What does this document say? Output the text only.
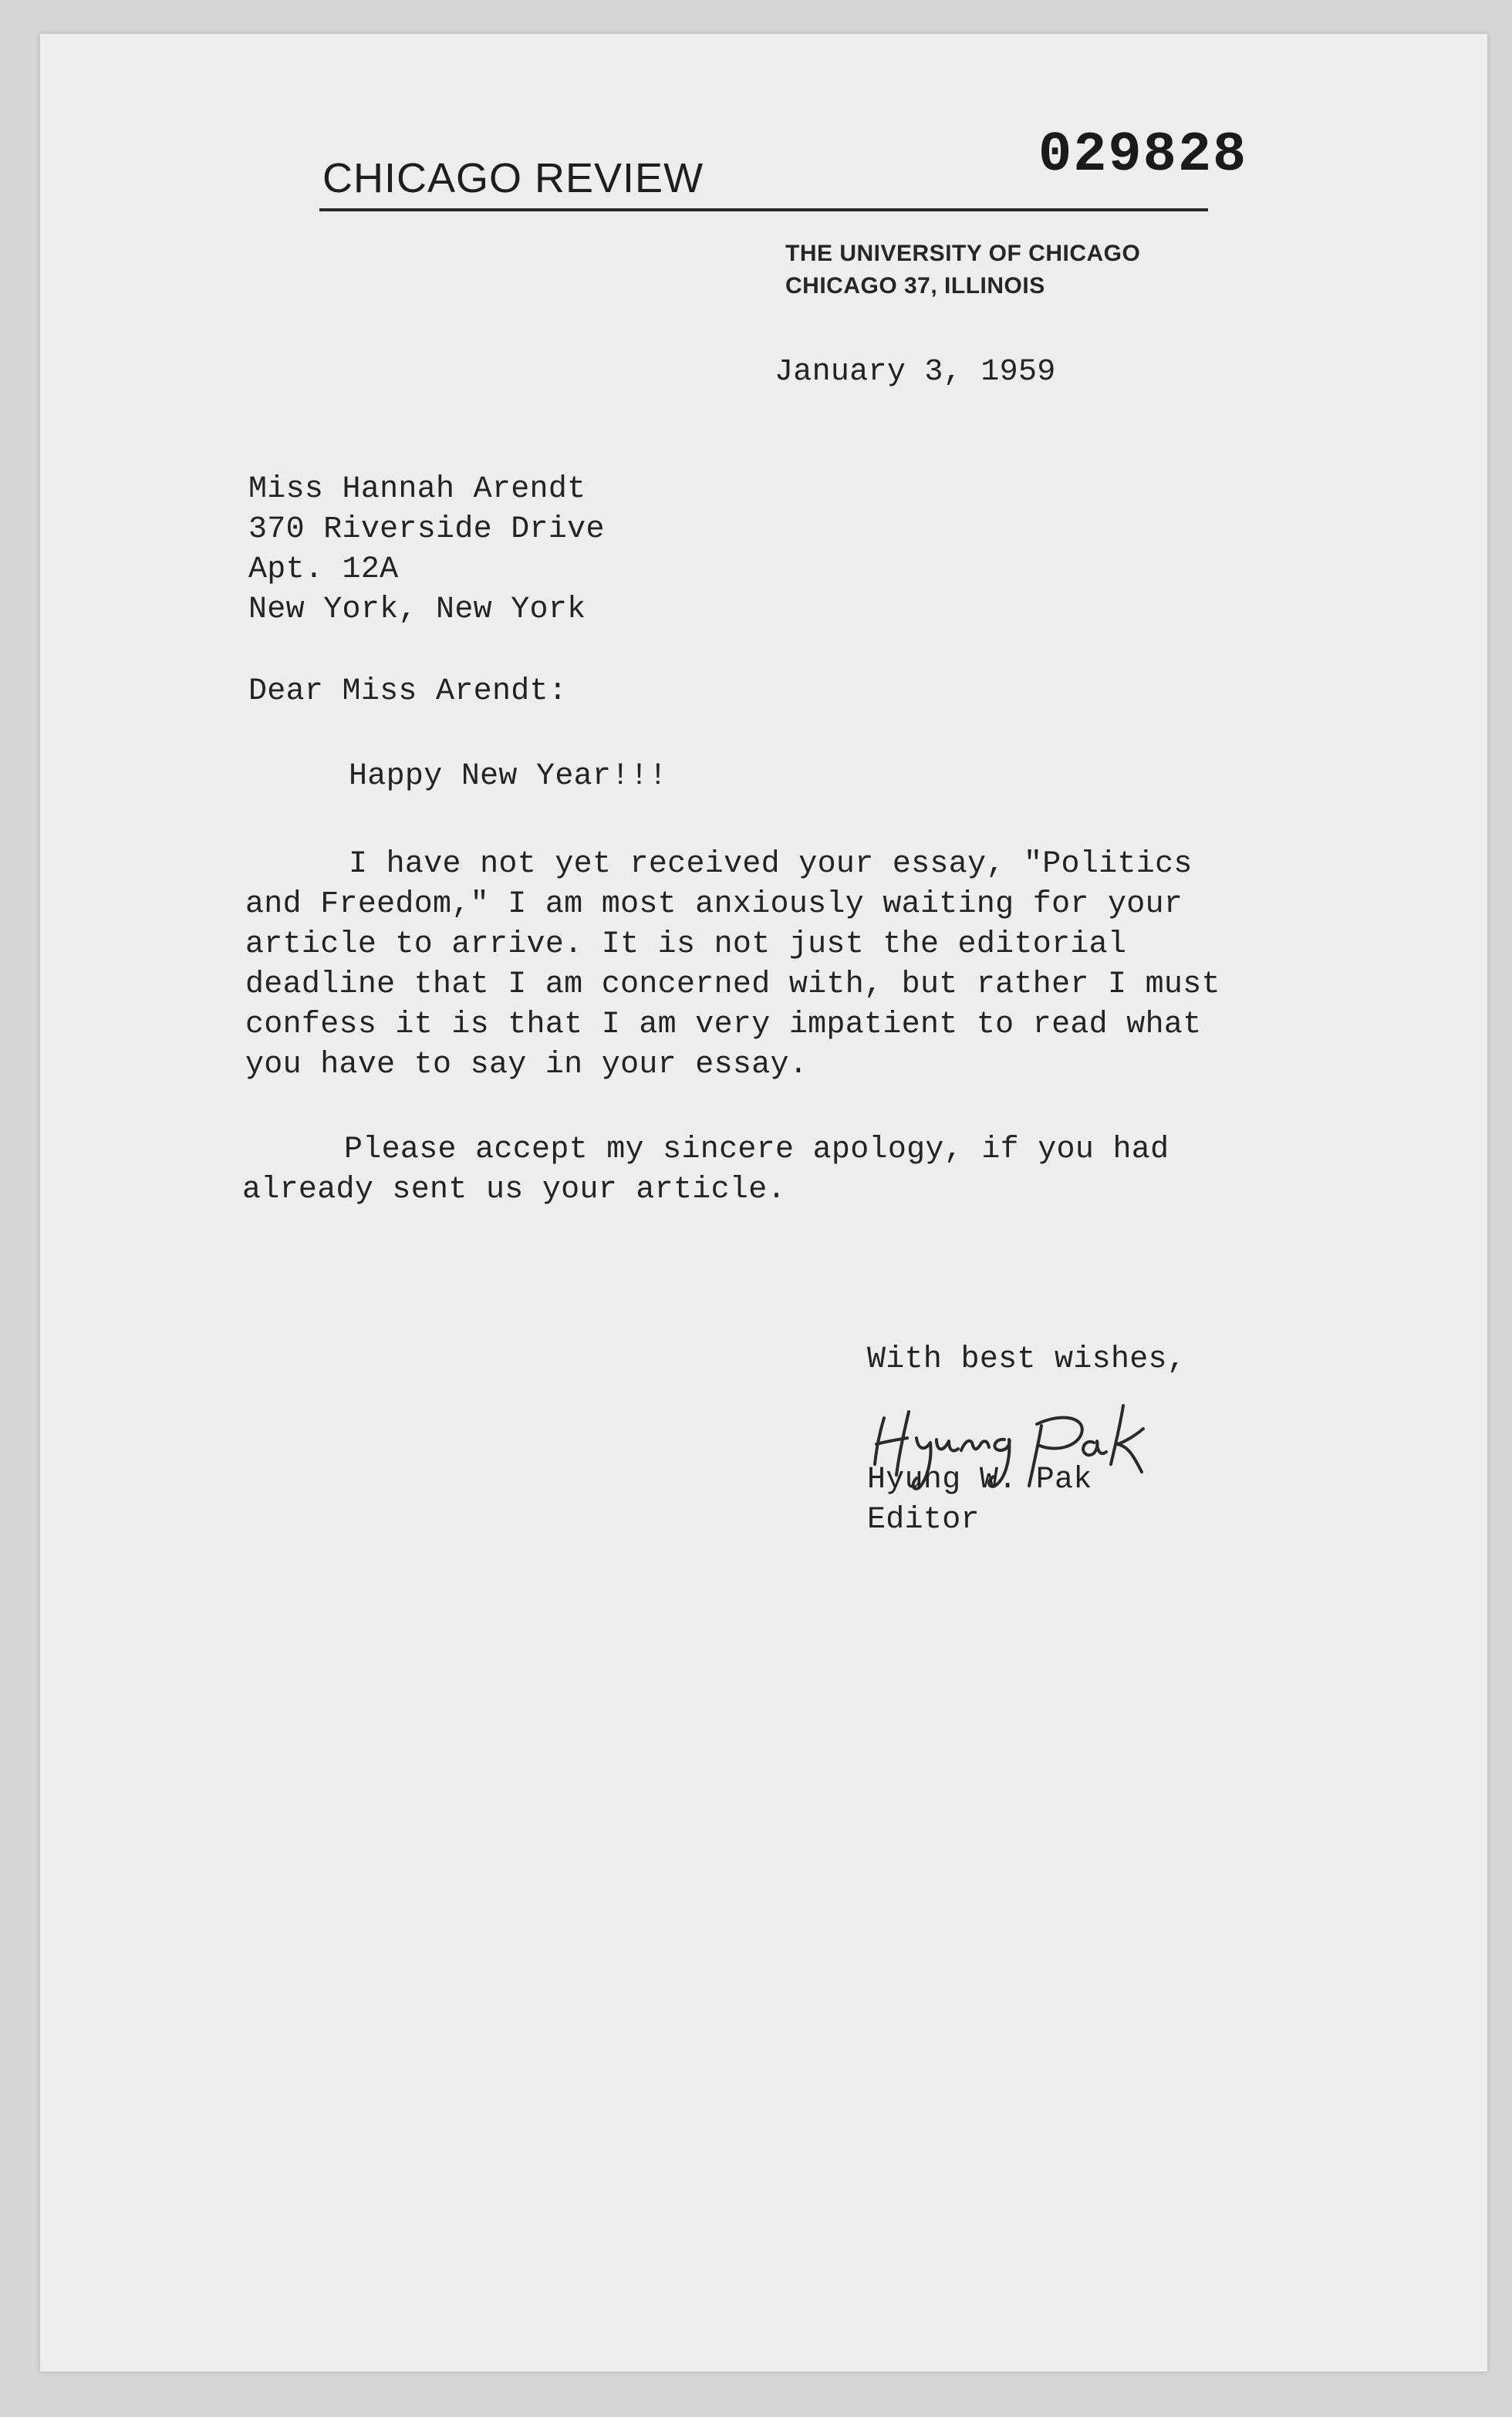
CHICAGO REVIEW	029828
THE UNIVERSITY OF CHICAGO
CHICAGO 37, ILLINOIS
January 3, 1959
Miss Hannah Arendt
370 Riverside Drive
Apt. 12A
New York, New York
Dear Miss Arendt:
Happy New Year!!!
I have not yet received your essay, "Politics
and Freedom," I am most anxiously waiting for your
article to arrive. It is not just the editorial
deadline that I am concerned with, but rather I must
confess it is that I am very impatient to read what
you have to say in your essay.
Please accept my sincere apology, if you had
already sent us your article.
With best wishes,
Hyung W. Pak
Editor
